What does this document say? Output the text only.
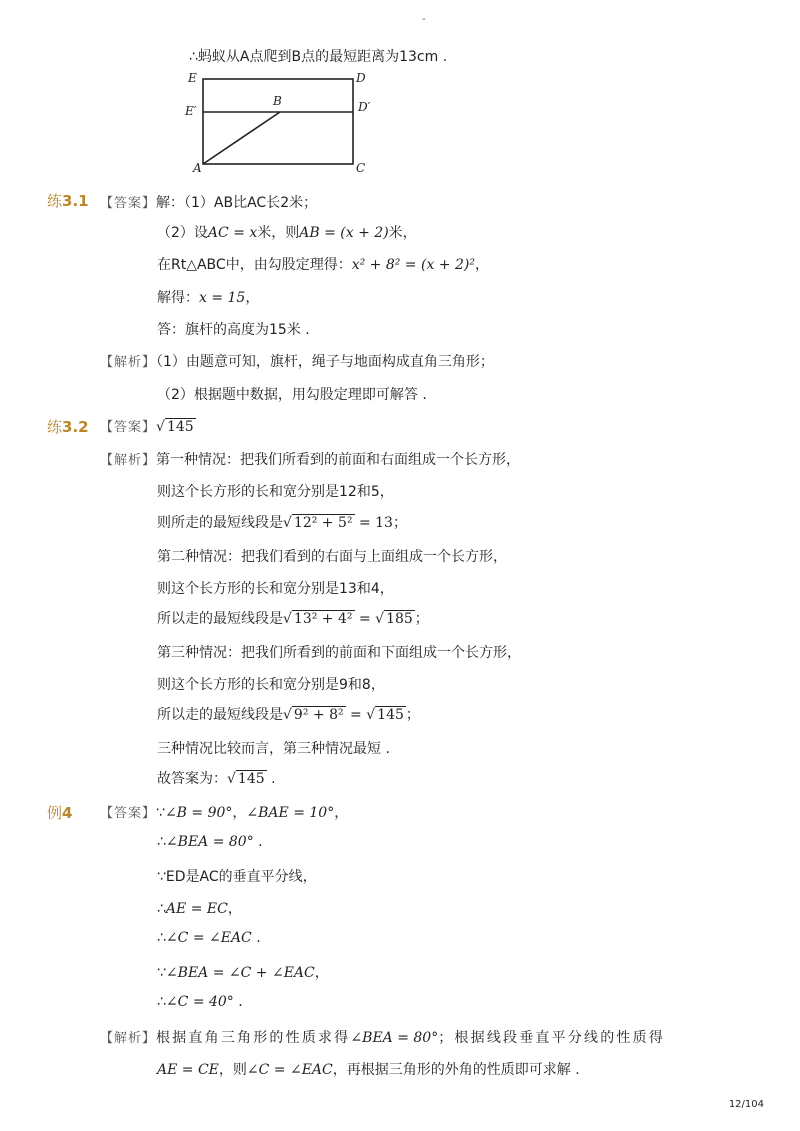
-
∴蚂蚁从A点爬到B点的最短距离为13cm .
E	D
E′	D′
B
A	C
练3.1 【答案】解：（1）AB比AC长2米；
（2）设AC = x米，则AB = (x + 2)米，
在Rt△ABC中，由勾股定理得：x² + 8² = (x + 2)²，
解得：x = 15，
答：旗杆的高度为15米 .
【解析】（1）由题意可知，旗杆，绳子与地面构成直角三角形；
（2）根据题中数据，用勾股定理即可解答 .
练3.2 【答案】√ 145
【解析】第一种情况：把我们所看到的前面和右面组成一个长方形，
则这个长方形的长和宽分别是12和5，
则所走的最短线段是√ 12² + 5² = 13；
第二种情况：把我们看到的右面与上面组成一个长方形，
则这个长方形的长和宽分别是13和4，
所以走的最短线段是√ 13² + 4² = √ 185 ；
第三种情况：把我们所看到的前面和下面组成一个长方形，
则这个长方形的长和宽分别是9和8，
所以走的最短线段是√ 9² + 8² = √ 145 ；
三种情况比较而言，第三种情况最短 .
故答案为：√ 145 .
例4 【答案】∵∠B = 90°，∠BAE = 10°，
∴∠BEA = 80° .
∵ED是AC的垂直平分线，
∴AE = EC，
∴∠C = ∠EAC .
∵∠BEA = ∠C + ∠EAC，
∴∠C = 40° .
【解析】根据直角三角形的性质求得∠BEA = 80°；根据线段垂直平分线的性质得
AE = CE，则∠C = ∠EAC，再根据三角形的外角的性质即可求解 .
12/104
